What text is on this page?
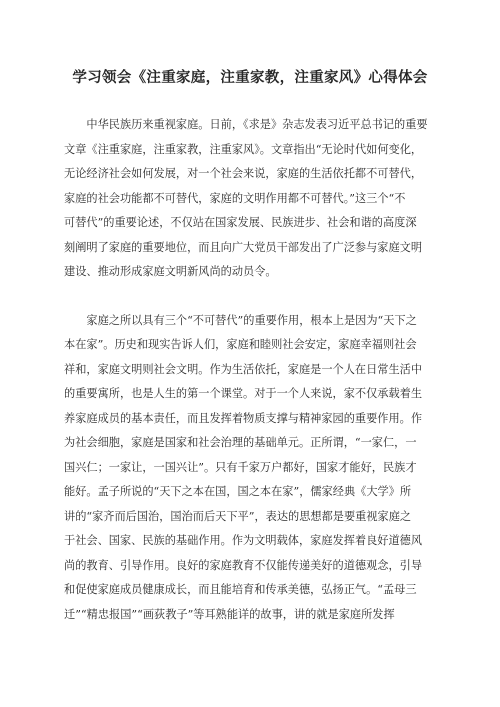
学习领会《注重家庭，注重家教，注重家风》心得体会

中华民族历来重视家庭。日前，《求是》杂志发表习近平总书记的重要

文章《注重家庭，注重家教，注重家风》。文章指出“无论时代如何变化，

无论经济社会如何发展，对一个社会来说，家庭的生活依托都不可替代，

家庭的社会功能都不可替代，家庭的文明作用都不可替代。”这三个“不

可替代”的重要论述，不仅站在国家发展、民族进步、社会和谐的高度深

刻阐明了家庭的重要地位，而且向广大党员干部发出了广泛参与家庭文明

建设、推动形成家庭文明新风尚的动员令。

家庭之所以具有三个“不可替代”的重要作用，根本上是因为“天下之

本在家”。历史和现实告诉人们，家庭和睦则社会安定，家庭幸福则社会

祥和，家庭文明则社会文明。作为生活依托，家庭是一个人在日常生活中

的重要寓所，也是人生的第一个课堂。对于一个人来说，家不仅承载着生

养家庭成员的基本责任，而且发挥着物质支撑与精神家园的重要作用。作

为社会细胞，家庭是国家和社会治理的基础单元。正所谓，“一家仁，一

国兴仁；一家让，一国兴让”。只有千家万户都好，国家才能好，民族才

能好。孟子所说的“天下之本在国，国之本在家”，儒家经典《大学》所

讲的“家齐而后国治，国治而后天下平”，表达的思想都是要重视家庭之

于社会、国家、民族的基础作用。作为文明载体，家庭发挥着良好道德风

尚的教育、引导作用。良好的家庭教育不仅能传递美好的道德观念，引导

和促使家庭成员健康成长，而且能培育和传承美德，弘扬正气。“孟母三

迁”“精忠报国”“画荻教子”等耳熟能详的故事，讲的就是家庭所发挥
